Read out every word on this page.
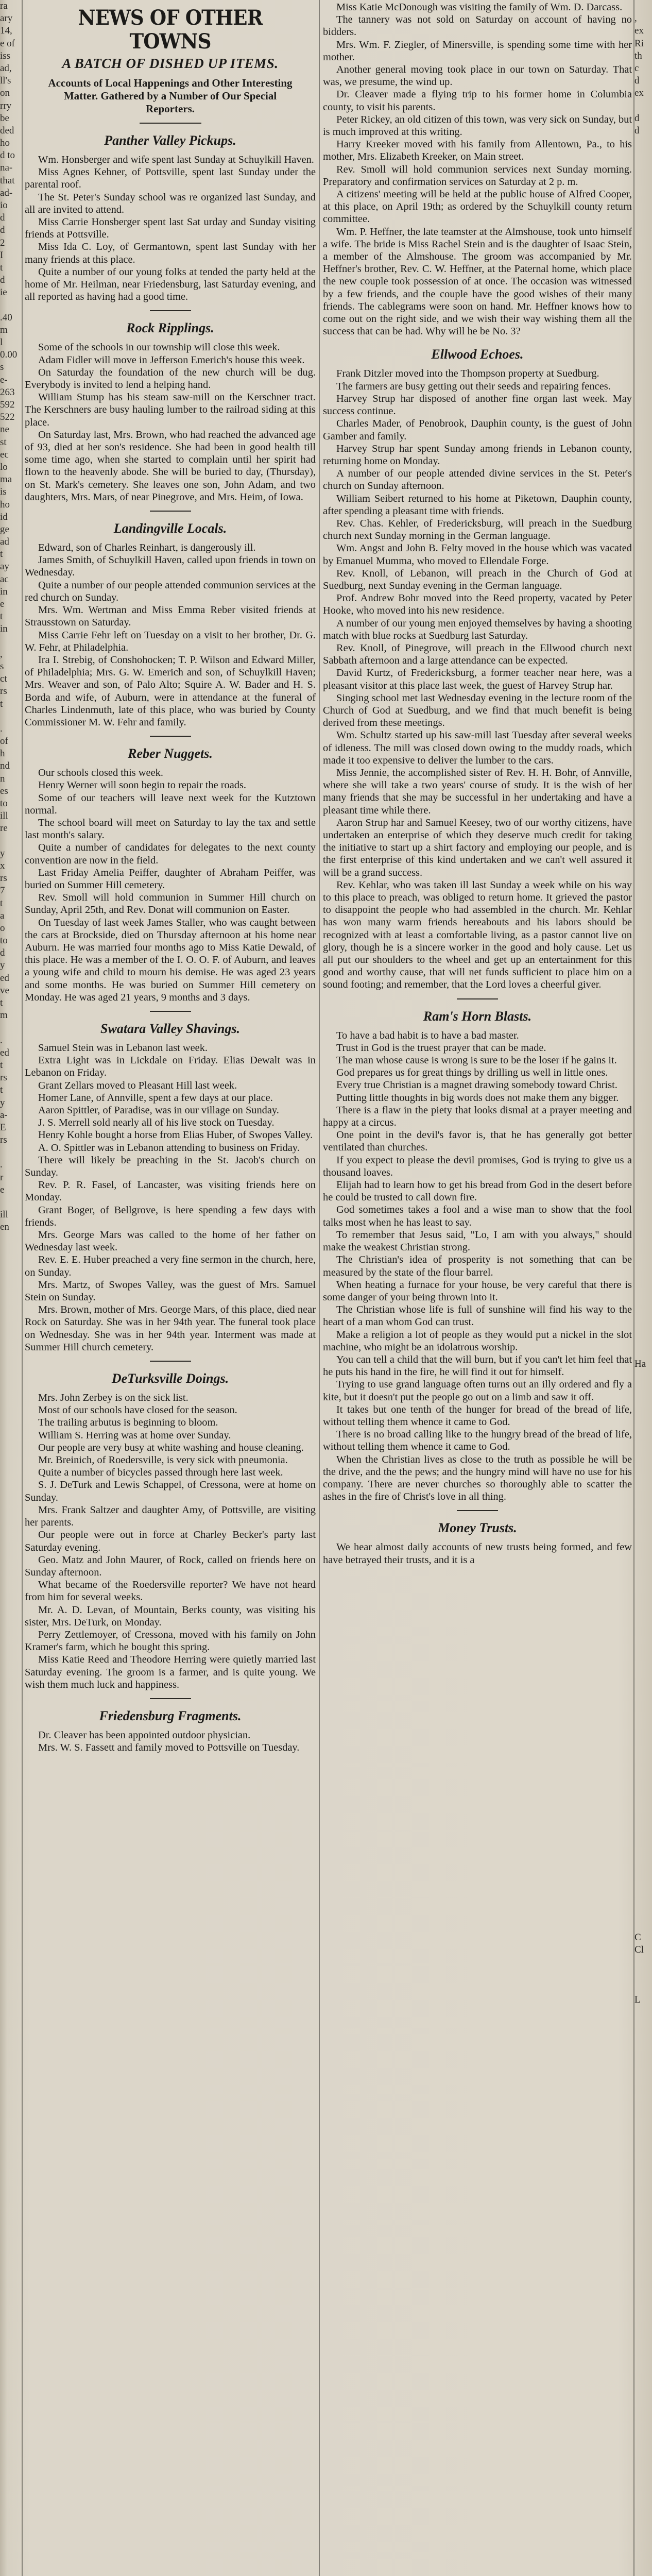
ra
ary
14,
e of
iss
ad,
ll's
on
rry
be
ded
ho
d to
na-
that
ad-
io
d
d
2
I
t
d
ie
.40
m
l
0.00
s
e-
263
592
522
ne
st
ec
lo
ma
is
ho
id
ge
ad
t
ay
ac
in
e
t
in
,
s
ct
rs
t
.
of
h
nd
n
es
to
ill
re
y
x
rs
7
t
a
o
to
d
y
ed
ve
t
m
.
ed
t
rs
t
y
a-
E
rs
.
r
e
ill
en
NEWS OF OTHER TOWNS
A BATCH OF DISHED UP ITEMS.
Accounts of Local Happenings and Other Interesting Matter. Gathered by a Number of Our Special Reporters.
Panther Valley Pickups.

Wm. Honsberger and wife spent last Sunday at Schuylkill Haven.

Miss Agnes Kehner, of Pottsville, spent last Sunday under the parental roof.

The St. Peter's Sunday school was re organized last Sunday, and all are invited to attend.

Miss Carrie Honsberger spent last Sat urday and Sunday visiting friends at Pottsville.

Miss Ida C. Loy, of Germantown, spent last Sunday with her many friends at this place.

Quite a number of our young folks at tended the party held at the home of Mr. Heilman, near Friedensburg, last Saturday evening, and all reported as having had a good time.

Rock Ripplings.

Some of the schools in our township will close this week.

Adam Fidler will move in Jefferson Emerich's house this week.

On Saturday the foundation of the new church will be dug. Everybody is invited to lend a helping hand.

William Stump has his steam saw-mill on the Kerschner tract. The Kerschners are busy hauling lumber to the railroad siding at this place.

On Saturday last, Mrs. Brown, who had reached the advanced age of 93, died at her son's residence. She had been in good health till some time ago, when she started to complain until her spirit had flown to the heavenly abode. She will be buried to day, (Thursday), on St. Mark's cemetery. She leaves one son, John Adam, and two daughters, Mrs. Mars, of near Pinegrove, and Mrs. Heim, of Iowa.

Landingville Locals.

Edward, son of Charles Reinhart, is dangerously ill.

James Smith, of Schuylkill Haven, called upon friends in town on Wednesday.

Quite a number of our people attended communion services at the red church on Sunday.

Mrs. Wm. Wertman and Miss Emma Reber visited friends at Strausstown on Saturday.

Miss Carrie Fehr left on Tuesday on a visit to her brother, Dr. G. W. Fehr, at Philadelphia.

Ira I. Strebig, of Conshohocken; T. P. Wilson and Edward Miller, of Philadelphia; Mrs. G. W. Emerich and son, of Schuylkill Haven; Mrs. Weaver and son, of Palo Alto; Squire A. W. Bader and H. S. Borda and wife, of Auburn, were in attendance at the funeral of Charles Lindenmuth, late of this place, who was buried by County Commissioner M. W. Fehr and family.

Reber Nuggets.

Our schools closed this week.

Henry Werner will soon begin to repair the roads.

Some of our teachers will leave next week for the Kutztown normal.

The school board will meet on Saturday to lay the tax and settle last month's salary.

Quite a number of candidates for delegates to the next county convention are now in the field.

Last Friday Amelia Peiffer, daughter of Abraham Peiffer, was buried on Summer Hill cemetery.

Rev. Smoll will hold communion in Summer Hill church on Sunday, April 25th, and Rev. Donat will communion on Easter.

On Tuesday of last week James Staller, who was caught between the cars at Brockside, died on Thursday afternoon at his home near Auburn. He was married four months ago to Miss Katie Dewald, of this place. He was a member of the I. O. O. F. of Auburn, and leaves a young wife and child to mourn his demise. He was aged 23 years and some months. He was buried on Summer Hill cemetery on Monday. He was aged 21 years, 9 months and 3 days.

Swatara Valley Shavings.

Samuel Stein was in Lebanon last week.

Extra Light was in Lickdale on Friday. Elias Dewalt was in Lebanon on Friday.

Grant Zellars moved to Pleasant Hill last week.

Homer Lane, of Annville, spent a few days at our place.

Aaron Spittler, of Paradise, was in our village on Sunday.

J. S. Merrell sold nearly all of his live stock on Tuesday.

Henry Kohle bought a horse from Elias Huber, of Swopes Valley.

A. O. Spittler was in Lebanon attending to business on Friday.

There will likely be preaching in the St. Jacob's church on Sunday.

Rev. P. R. Fasel, of Lancaster, was visiting friends here on Monday.

Grant Boger, of Bellgrove, is here spending a few days with friends.

Mrs. George Mars was called to the home of her father on Wednesday last week.

Rev. E. E. Huber preached a very fine sermon in the church, here, on Sunday.

Mrs. Martz, of Swopes Valley, was the guest of Mrs. Samuel Stein on Sunday.

Mrs. Brown, mother of Mrs. George Mars, of this place, died near Rock on Saturday. She was in her 94th year. The funeral took place on Wednesday. She was in her 94th year. Interment was made at Summer Hill church cemetery.

DeTurksville Doings.

Mrs. John Zerbey is on the sick list.

Most of our schools have closed for the season.

The trailing arbutus is beginning to bloom.

William S. Herring was at home over Sunday.

Our people are very busy at white washing and house cleaning.

Mr. Breinich, of Roedersville, is very sick with pneumonia.

Quite a number of bicycles passed through here last week.

S. J. DeTurk and Lewis Schappel, of Cressona, were at home on Sunday.

Mrs. Frank Saltzer and daughter Amy, of Pottsville, are visiting her parents.

Our people were out in force at Charley Becker's party last Saturday evening.

Geo. Matz and John Maurer, of Rock, called on friends here on Sunday afternoon.

What became of the Roedersville reporter? We have not heard from him for several weeks.

Mr. A. D. Levan, of Mountain, Berks county, was visiting his sister, Mrs. DeTurk, on Monday.

Perry Zettlemoyer, of Cressona, moved with his family on John Kramer's farm, which he bought this spring.

Miss Katie Reed and Theodore Herring were quietly married last Saturday evening. The groom is a farmer, and is quite young. We wish them much luck and happiness.

Friedensburg Fragments.

Dr. Cleaver has been appointed outdoor physician.

Mrs. W. S. Fassett and family moved to Pottsville on Tuesday.

Miss Katie McDonough was visiting the family of Wm. D. Darcass.

The tannery was not sold on Saturday on account of having no bidders.

Mrs. Wm. F. Ziegler, of Minersville, is spending some time with her mother.

Another general moving took place in our town on Saturday. That was, we presume, the wind up.

Dr. Cleaver made a flying trip to his former home in Columbia county, to visit his parents.

Peter Rickey, an old citizen of this town, was very sick on Sunday, but is much improved at this writing.

Harry Kreeker moved with his family from Allentown, Pa., to his mother, Mrs. Elizabeth Kreeker, on Main street.

Rev. Smoll will hold communion services next Sunday morning. Preparatory and confirmation services on Saturday at 2 p. m.

A citizens' meeting will be held at the public house of Alfred Cooper, at this place, on April 19th; as ordered by the Schuylkill county return committee.

Wm. P. Heffner, the late teamster at the Almshouse, took unto himself a wife. The bride is Miss Rachel Stein and is the daughter of Isaac Stein, a member of the Almshouse. The groom was accompanied by Mr. Heffner's brother, Rev. C. W. Heffner, at the Paternal home, which place the new couple took possession of at once. The occasion was witnessed by a few friends, and the couple have the good wishes of their many friends. The cablegrams were soon on hand. Mr. Heffner knows how to come out on the right side, and we wish their way wishing them all the success that can be had. Why will he be No. 3?

Ellwood Echoes.

Frank Ditzler moved into the Thompson property at Suedburg.

The farmers are busy getting out their seeds and repairing fences.

Harvey Strup har disposed of another fine organ last week. May success continue.

Charles Mader, of Penobrook, Dauphin county, is the guest of John Gamber and family.

Harvey Strup har spent Sunday among friends in Lebanon county, returning home on Monday.

A number of our people attended divine services in the St. Peter's church on Sunday afternoon.

William Seibert returned to his home at Piketown, Dauphin county, after spending a pleasant time with friends.

Rev. Chas. Kehler, of Fredericksburg, will preach in the Suedburg church next Sunday morning in the German language.

Wm. Angst and John B. Felty moved in the house which was vacated by Emanuel Mumma, who moved to Ellendale Forge.

Rev. Knoll, of Lebanon, will preach in the Church of God at Suedburg, next Sunday evening in the German language.

Prof. Andrew Bohr moved into the Reed property, vacated by Peter Hooke, who moved into his new residence.

A number of our young men enjoyed themselves by having a shooting match with blue rocks at Suedburg last Saturday.

Rev. Knoll, of Pinegrove, will preach in the Ellwood church next Sabbath afternoon and a large attendance can be expected.

David Kurtz, of Fredericksburg, a former teacher near here, was a pleasant visitor at this place last week, the guest of Harvey Strup har.

Singing school met last Wednesday evening in the lecture room of the Church of God at Suedburg, and we find that much benefit is being derived from these meetings.

Wm. Schultz started up his saw-mill last Tuesday after several weeks of idleness. The mill was closed down owing to the muddy roads, which made it too expensive to deliver the lumber to the cars.

Miss Jennie, the accomplished sister of Rev. H. H. Bohr, of Annville, where she will take a two years' course of study. It is the wish of her many friends that she may be successful in her undertaking and have a pleasant time while there.

Aaron Strup har and Samuel Keesey, two of our worthy citizens, have undertaken an enterprise of which they deserve much credit for taking the initiative to start up a shirt factory and employing our people, and is the first enterprise of this kind undertaken and we can't well assured it will be a grand success.

Rev. Kehlar, who was taken ill last Sunday a week while on his way to this place to preach, was obliged to return home. It grieved the pastor to disappoint the people who had assembled in the church. Mr. Kehlar has won many warm friends hereabouts and his labors should be recognized with at least a comfortable living, as a pastor cannot live on glory, though he is a sincere worker in the good and holy cause. Let us all put our shoulders to the wheel and get up an entertainment for this good and worthy cause, that will net funds sufficient to place him on a sound footing; and remember, that the Lord loves a cheerful giver.

Ram's Horn Blasts.

To have a bad habit is to have a bad master.

Trust in God is the truest prayer that can be made.

The man whose cause is wrong is sure to be the loser if he gains it.

God prepares us for great things by drilling us well in little ones.

Every true Christian is a magnet drawing somebody toward Christ.

Putting little thoughts in big words does not make them any bigger.

There is a flaw in the piety that looks dismal at a prayer meeting and happy at a circus.

One point in the devil's favor is, that he has generally got better ventilated than churches.

If you expect to please the devil promises, God is trying to give us a thousand loaves.

Elijah had to learn how to get his bread from God in the desert before he could be trusted to call down fire.

God sometimes takes a fool and a wise man to show that the fool talks most when he has least to say.

To remember that Jesus said, "Lo, I am with you always," should make the weakest Christian strong.

The Christian's idea of prosperity is not something that can be measured by the state of the flour barrel.

When heating a furnace for your house, be very careful that there is some danger of your being thrown into it.

The Christian whose life is full of sunshine will find his way to the heart of a man whom God can trust.

Make a religion a lot of people as they would put a nickel in the slot machine, who might be an idolatrous worship.

You can tell a child that the will burn, but if you can't let him feel that he puts his hand in the fire, he will find it out for himself.

Trying to use grand language often turns out an illy ordered and fly a kite, but it doesn't put the people go out on a limb and saw it off.

It takes but one tenth of the hunger for bread of the bread of life, without telling them whence it came to God.

There is no broad calling like to the hungry bread of the bread of life, without telling them whence it came to God.

When the Christian lives as close to the truth as possible he will be the drive, and the the pews; and the hungry mind will have no use for his company. There are never churches so thoroughly able to scatter the ashes in the fire of Christ's love in all thing.

Money Trusts.

We hear almost daily accounts of new trusts being formed, and few have betrayed their trusts, and it is a

,
ex
Ri
th
c
d
ex
d
d
Ha
C
Cl
L
